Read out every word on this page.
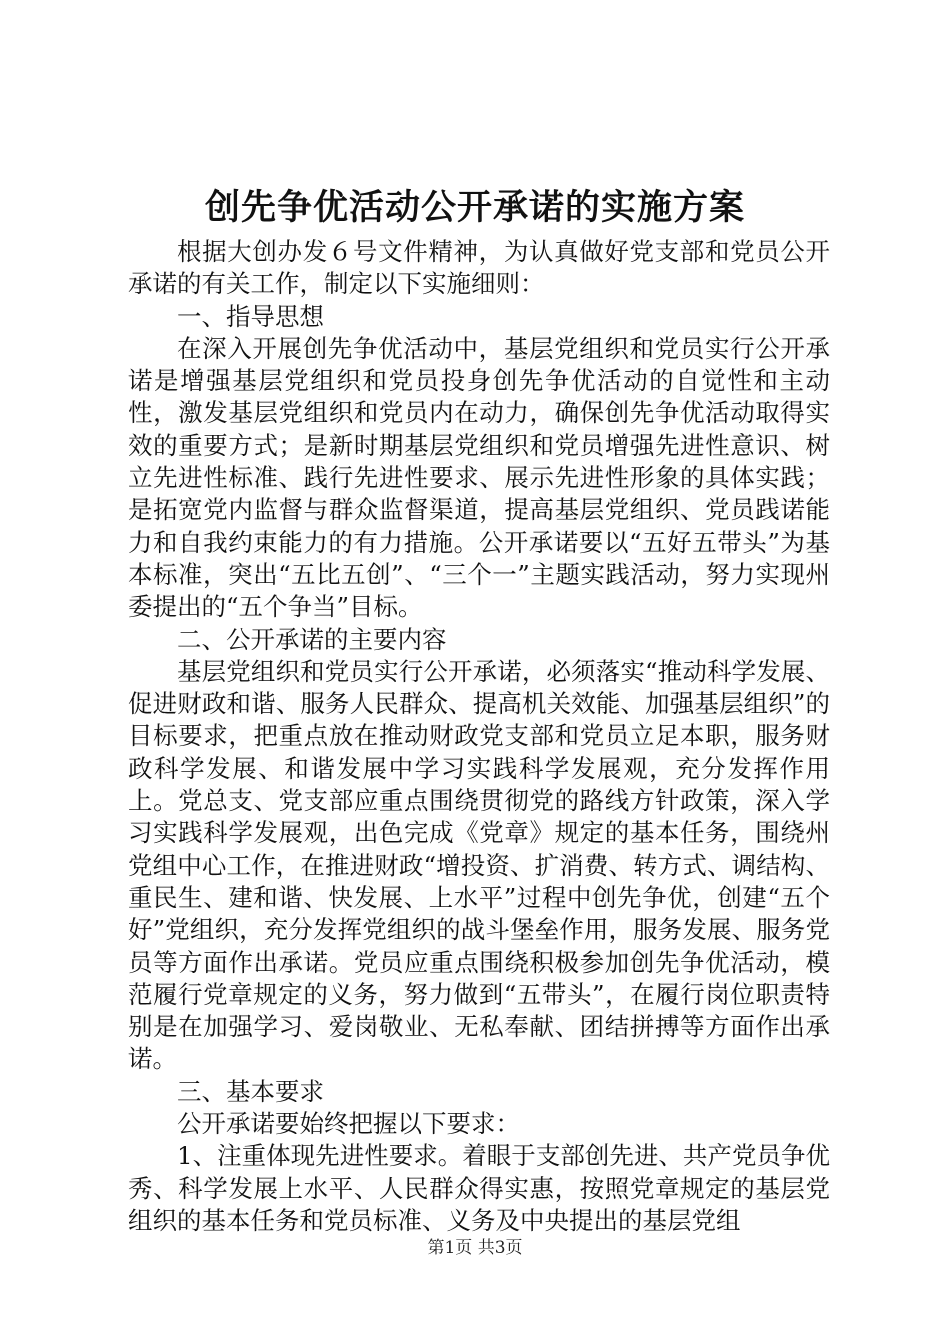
创先争优活动公开承诺的实施方案

根据大创办发６号文件精神，为认真做好党支部和党员公开承诺的有关工作，制定以下实施细则：

一、指导思想

在深入开展创先争优活动中，基层党组织和党员实行公开承诺是增强基层党组织和党员投身创先争优活动的自觉性和主动性，激发基层党组织和党员内在动力，确保创先争优活动取得实效的重要方式；是新时期基层党组织和党员增强先进性意识、树立先进性标准、践行先进性要求、展示先进性形象的具体实践；是拓宽党内监督与群众监督渠道，提高基层党组织、党员践诺能力和自我约束能力的有力措施。公开承诺要以“五好五带头”为基本标准，突出“五比五创”、“三个一”主题实践活动，努力实现州委提出的“五个争当”目标。

二、公开承诺的主要内容

基层党组织和党员实行公开承诺，必须落实“推动科学发展、促进财政和谐、服务人民群众、提高机关效能、加强基层组织”的目标要求，把重点放在推动财政党支部和党员立足本职，服务财政科学发展、和谐发展中学习实践科学发展观，充分发挥作用上。党总支、党支部应重点围绕贯彻党的路线方针政策，深入学习实践科学发展观，出色完成《党章》规定的基本任务，围绕州党组中心工作，在推进财政“增投资、扩消费、转方式、调结构、重民生、建和谐、快发展、上水平”过程中创先争优，创建“五个好”党组织，充分发挥党组织的战斗堡垒作用，服务发展、服务党员等方面作出承诺。党员应重点围绕积极参加创先争优活动，模范履行党章规定的义务，努力做到“五带头”，在履行岗位职责特别是在加强学习、爱岗敬业、无私奉献、团结拼搏等方面作出承诺。

三、基本要求

公开承诺要始终把握以下要求：

1、注重体现先进性要求。着眼于支部创先进、共产党员争优秀、科学发展上水平、人民群众得实惠，按照党章规定的基层党组织的基本任务和党员标准、义务及中央提出的基层党组

第1页 共3页
